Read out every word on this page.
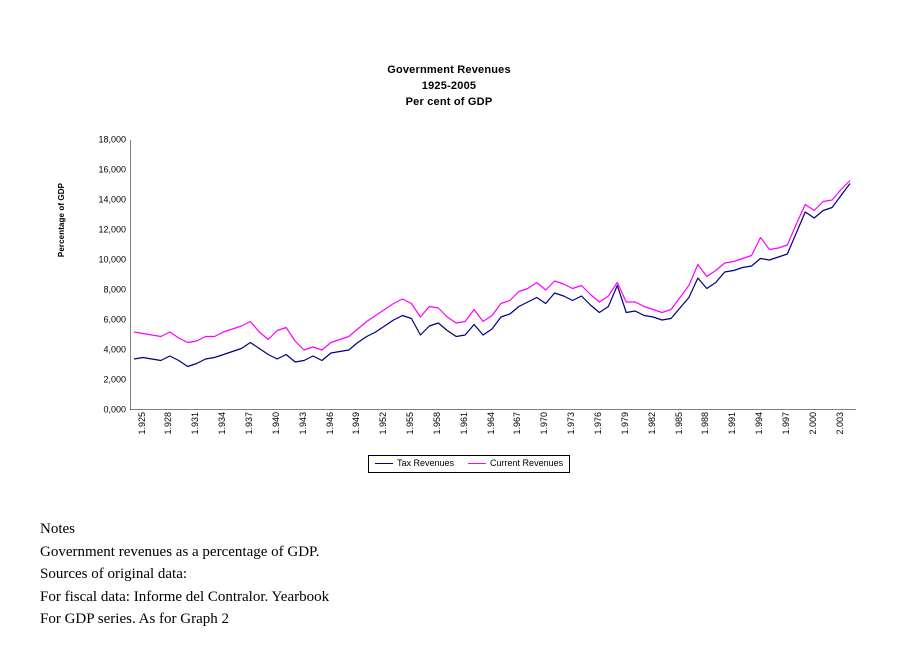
Government Revenues
1925-2005
Per cent of GDP
Percentage of GDP
18,000
16,000
14,000
12,000
10,000
8,000
6,000
4,000
2,000
0,000
1.925 1.928 1.931 1.934 1.937 1.940 1.943 1.946 1.949 1.952 1.955 1.958 1.961 1.964 1.967 1.970 1.973 1.976 1.979 1.982 1.985 1.988 1.991 1.994 1.997 2.000 2.003
Tax Revenues	Current Revenues
Notes
Government revenues as a percentage of GDP.
Sources of original data:
For fiscal data: Informe del Contralor. Yearbook
For GDP series. As for Graph 2
